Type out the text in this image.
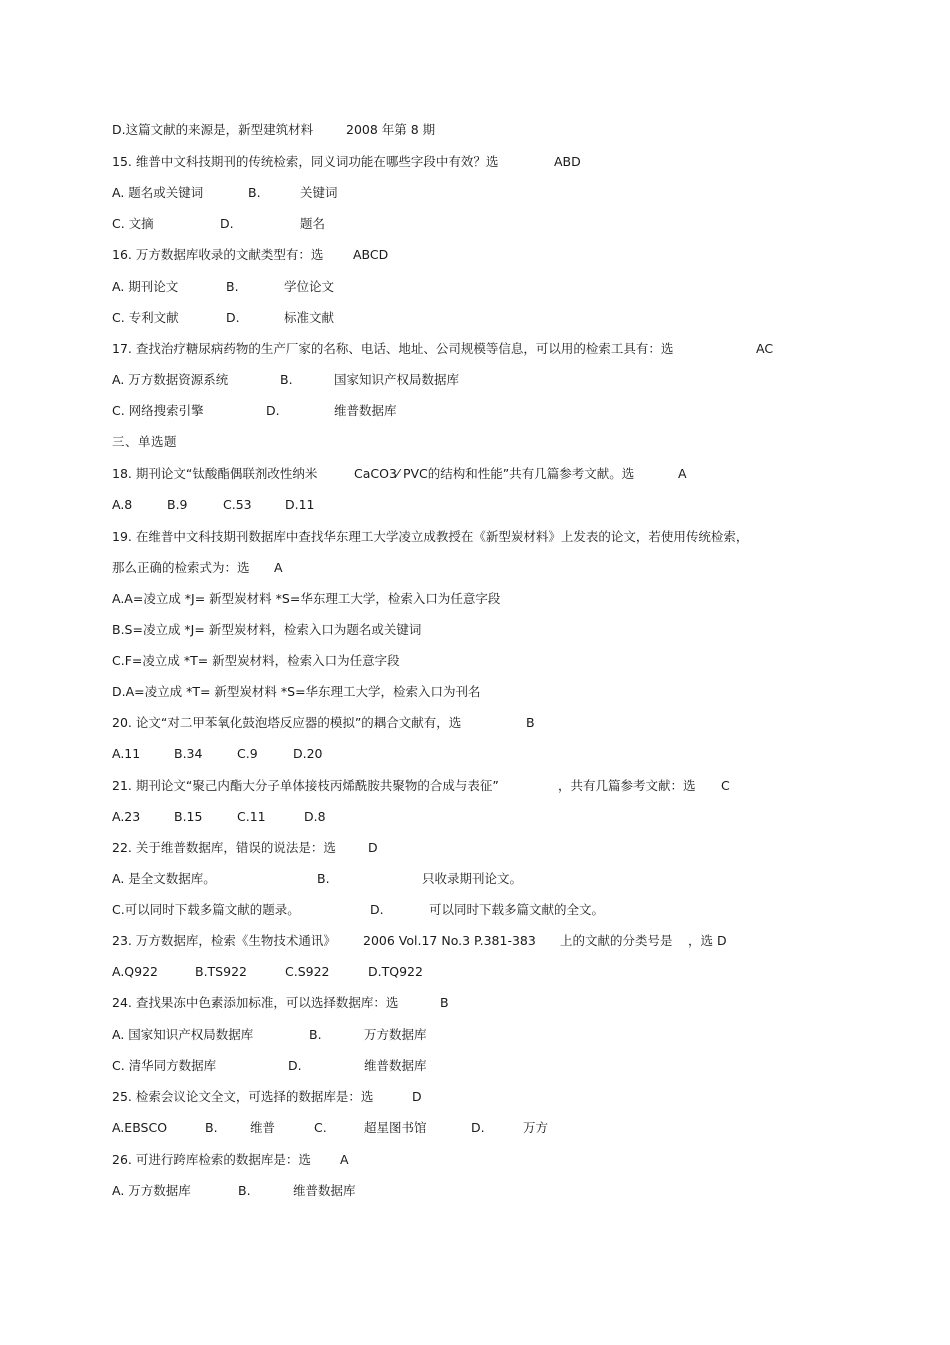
D.这篇文献的来源是，新型建筑材料	2008 年第 8 期
15. 维普中文科技期刊的传统检索，同义词功能在哪些字段中有效？选	ABD
A. 题名或关键词	B.	关键词
C. 文摘	D.	题名
16. 万方数据库收录的文献类型有：选 ABCD
A. 期刊论文	B.	学位论文
C. 专利文献	D.	标准文献
17. 查找治疗糖尿病药物的生产厂家的名称、电话、地址、公司规模等信息，可以用的检索工具有：选	AC
A. 万方数据资源系统	B.	国家知识产权局数据库
C. 网络搜索引擎	D.	维普数据库
三、单选题
18. 期刊论文“钛酸酯偶联剂改性纳米	CaCO3⁄ PVC的结构和性能”共有几篇参考文献。选	A
A.8	B.9	C.53	D.11
19. 在维普中文科技期刊数据库中查找华东理工大学凌立成教授在《新型炭材料》上发表的论文，若使用传统检索，
那么正确的检索式为：选 A
A.A=凌立成 *J= 新型炭材料 *S=华东理工大学，检索入口为任意字段
B.S=凌立成 *J= 新型炭材料，检索入口为题名或关键词
C.F=凌立成 *T= 新型炭材料，检索入口为任意字段
D.A=凌立成 *T= 新型炭材料 *S=华东理工大学，检索入口为刊名
20. 论文“对二甲苯氧化鼓泡塔反应器的模拟”的耦合文献有，选	B
A.11	B.34	C.9	D.20
21. 期刊论文“聚己内酯大分子单体接枝丙烯酰胺共聚物的合成与表征”	，共有几篇参考文献：选 C
A.23	B.15	C.11	D.8
22. 关于维普数据库，错误的说法是：选	D
A. 是全文数据库。	B.	只收录期刊论文。
C.可以同时下载多篇文献的题录。	D.	可以同时下载多篇文献的全文。
23. 万方数据库，检索《生物技术通讯》 2006 Vol.17 No.3 P.381-383 上的文献的分类号是 ，选 D
A.Q922	B.TS922	C.S922	D.TQ922
24. 查找果冻中色素添加标准，可以选择数据库：选	B
A. 国家知识产权局数据库	B.	万方数据库
C. 清华同方数据库	D.	维普数据库
25. 检索会议论文全文，可选择的数据库是：选	D
A.EBSCO	B.	维普	C.	超星图书馆	D.	万方
26. 可进行跨库检索的数据库是：选 A
A. 万方数据库	B.	维普数据库
